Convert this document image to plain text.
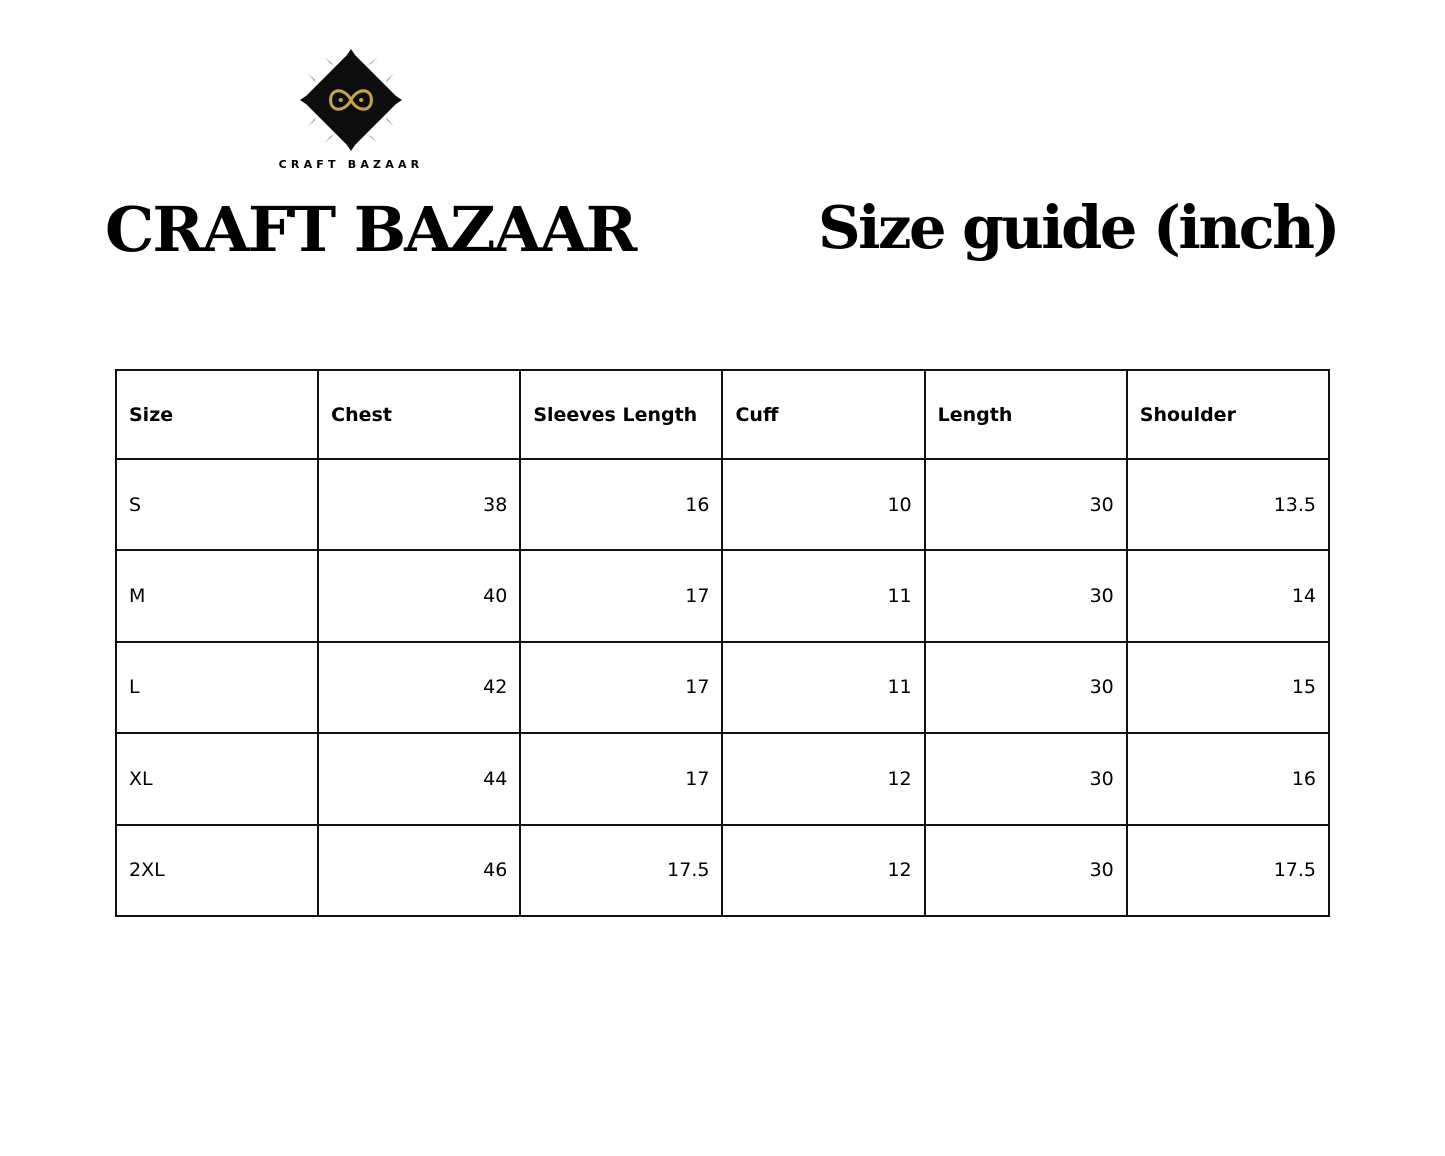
CRAFT BAZAAR
CRAFT BAZAAR	Size guide (inch)
Size	Chest	Sleeves Length	Cuff	Length	Shoulder
S	38	16	10	30	13.5
M	40	17	11	30	14
L	42	17	11	30	15
XL	44	17	12	30	16
2XL	46	17.5	12	30	17.5
